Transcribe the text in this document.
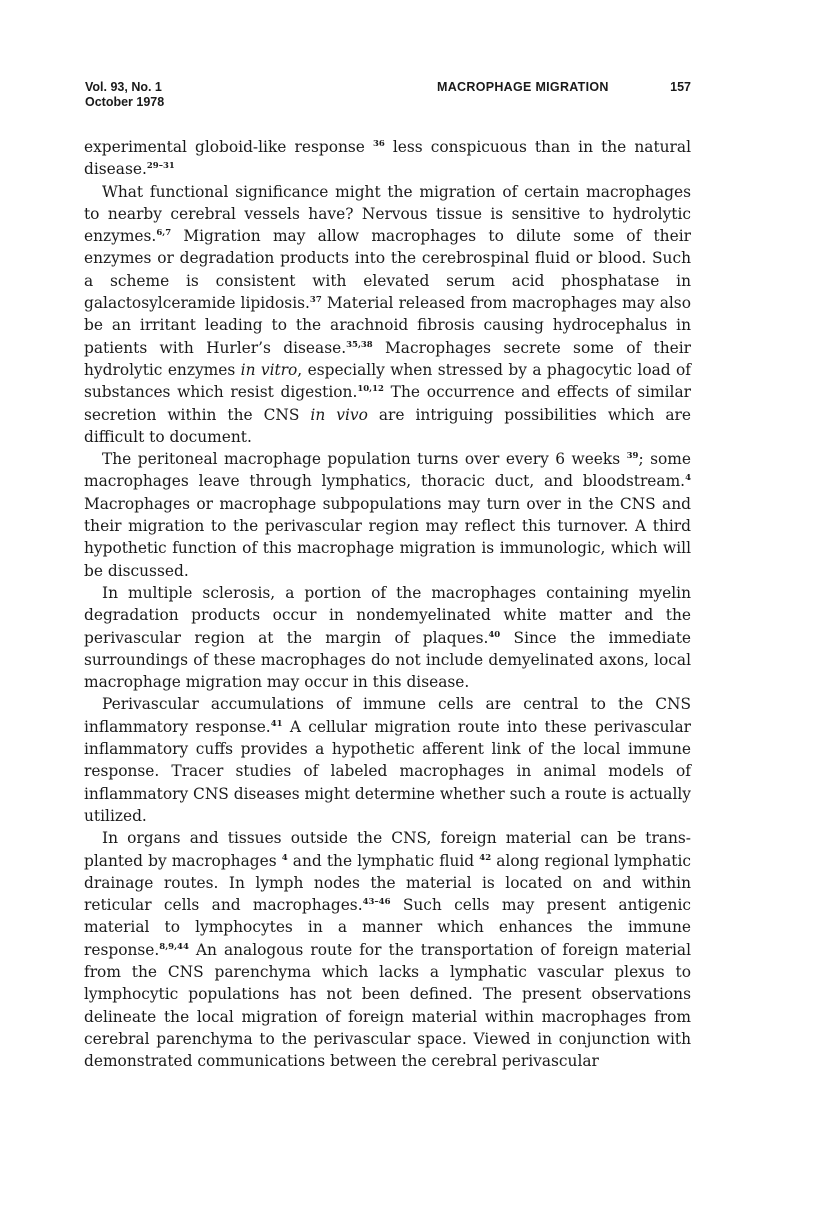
Vol. 93, No. 1
October 1978
MACROPHAGE MIGRATION	157

experimental globoid-like response $^{36}$ less conspicuous than in the natural disease.$^{29-31}$

What functional significance might the migration of certain macrophages to nearby cerebral vessels have? Nervous tissue is sensitive to hydrolytic enzymes.$^{6,7}$ Migration may allow macrophages to dilute some of their enzymes or degradation products into the cerebrospinal fluid or blood. Such a scheme is consistent with elevated serum acid phosphatase in galactosylceramide lipidosis.$^{37}$ Material released from macrophages may also be an irritant leading to the arachnoid fibrosis causing hydrocephalus in patients with Hurler’s disease.$^{35,38}$ Macrophages secrete some of their hydrolytic enzymes in vitro, especially when stressed by a phagocytic load of substances which resist digestion.$^{10,12}$ The occurrence and effects of similar secretion within the CNS in vivo are intriguing possibilities which are difficult to document.

The peritoneal macrophage population turns over every 6 weeks $^{39}$; some macrophages leave through lymphatics, thoracic duct, and bloodstream.$^4$ Macrophages or macrophage subpopulations may turn over in the CNS and their migration to the perivascular region may reflect this turnover. A third hypothetic function of this macrophage migration is immunologic, which will be discussed.

In multiple sclerosis, a portion of the macrophages containing myelin degradation products occur in nondemyelinated white matter and the perivascular region at the margin of plaques.$^{40}$ Since the immediate surroundings of these macrophages do not include demyelinated axons, local macrophage migration may occur in this disease.

Perivascular accumulations of immune cells are central to the CNS inflammatory response.$^{41}$ A cellular migration route into these perivascular inflammatory cuffs provides a hypothetic afferent link of the local immune response. Tracer studies of labeled macrophages in animal models of inflammatory CNS diseases might determine whether such a route is actually utilized.

In organs and tissues outside the CNS, foreign material can be transplanted by macrophages $^4$ and the lymphatic fluid $^{42}$ along regional lymphatic drainage routes. In lymph nodes the material is located on and within reticular cells and macrophages.$^{43-46}$ Such cells may present antigenic material to lymphocytes in a manner which enhances the immune response.$^{8,9,44}$ An analogous route for the transportation of foreign material from the CNS parenchyma which lacks a lymphatic vascular plexus to lymphocytic populations has not been defined. The present observations delineate the local migration of foreign material within macrophages from cerebral parenchyma to the perivascular space. Viewed in conjunction with demonstrated communications between the cerebral perivascular
